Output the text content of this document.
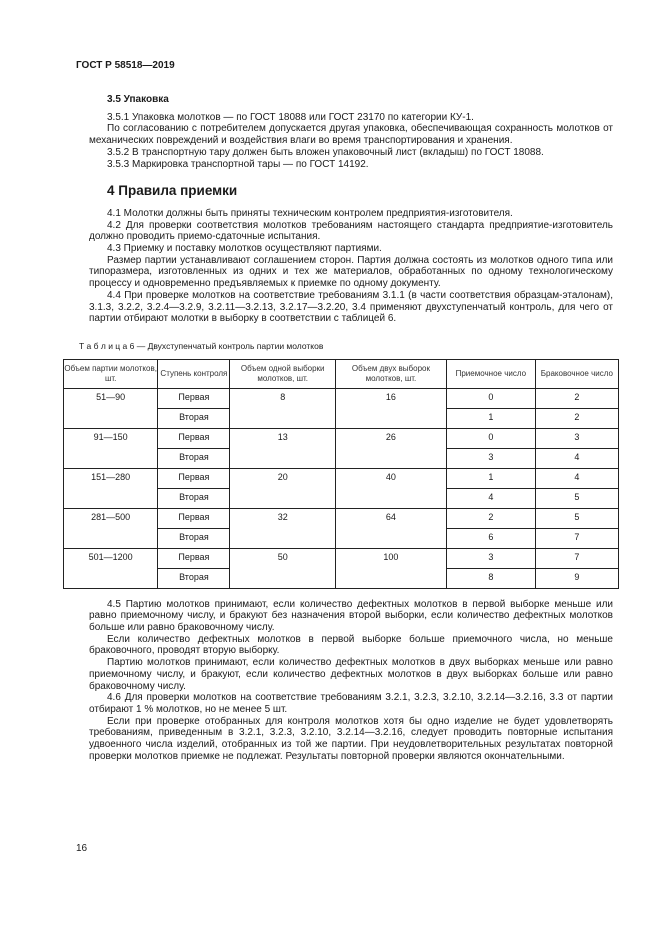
ГОСТ Р 58518—2019
3.5 Упаковка

3.5.1 Упаковка молотков — по ГОСТ 18088 или ГОСТ 23170 по категории КУ-1.

По согласованию с потребителем допускается другая упаковка, обеспечивающая сохранность молотков от механических повреждений и воздействия влаги во время транспортирования и хранения.

3.5.2 В транспортную тару должен быть вложен упаковочный лист (вкладыш) по ГОСТ 18088.

3.5.3 Маркировка транспортной тары — по ГОСТ 14192.

4 Правила приемки

4.1 Молотки должны быть приняты техническим контролем предприятия-изготовителя.

4.2 Для проверки соответствия молотков требованиям настоящего стандарта предприятие-изготовитель должно проводить приемо-сдаточные испытания.

4.3 Приемку и поставку молотков осуществляют партиями.

Размер партии устанавливают соглашением сторон. Партия должна состоять из молотков одного типа или типоразмера, изготовленных из одних и тех же материалов, обработанных по одному технологическому процессу и одновременно предъявляемых к приемке по одному документу.

4.4 При проверке молотков на соответствие требованиям 3.1.1 (в части соответствия образцам-эталонам), 3.1.3, 3.2.2, 3.2.4—3.2.9, 3.2.11—3.2.13, 3.2.17—3.2.20, 3.4 применяют двухступенчатый контроль, для чего от партии отбирают молотки в выборку в соответствии с таблицей 6.

Т а б л и ц а 6 — Двухступенчатый контроль партии молотков
Объем партии молотков, шт.	Ступень контроля	Объем одной выборки молотков, шт.	Объем двух выборок молотков, шт.	Приемочное число	Браковочное число
51—90	Первая	8	16	0	2
	Вторая			1	2
91—150	Первая	13	26	0	3
	Вторая			3	4
151—280	Первая	20	40	1	4
	Вторая			4	5
281—500	Первая	32	64	2	5
	Вторая			6	7
501—1200	Первая	50	100	3	7
	Вторая			8	9

4.5 Партию молотков принимают, если количество дефектных молотков в первой выборке меньше или равно приемочному числу, и бракуют без назначения второй выборки, если количество дефектных молотков больше или равно браковочному числу.

Если количество дефектных молотков в первой выборке больше приемочного числа, но меньше браковочного, проводят вторую выборку.

Партию молотков принимают, если количество дефектных молотков в двух выборках меньше или равно приемочному числу, и бракуют, если количество дефектных молотков в двух выборках больше или равно браковочному числу.

4.6 Для проверки молотков на соответствие требованиям 3.2.1, 3.2.3, 3.2.10, 3.2.14—3.2.16, 3.3 от партии отбирают 1 % молотков, но не менее 5 шт.

Если при проверке отобранных для контроля молотков хотя бы одно изделие не будет удовлетворять требованиям, приведенным в 3.2.1, 3.2.3, 3.2.10, 3.2.14—3.2.16, следует проводить повторные испытания удвоенного числа изделий, отобранных из той же партии. При неудовлетворительных результатах повторной проверки молотков приемке не подлежат. Результаты повторной проверки являются окончательными.

16
